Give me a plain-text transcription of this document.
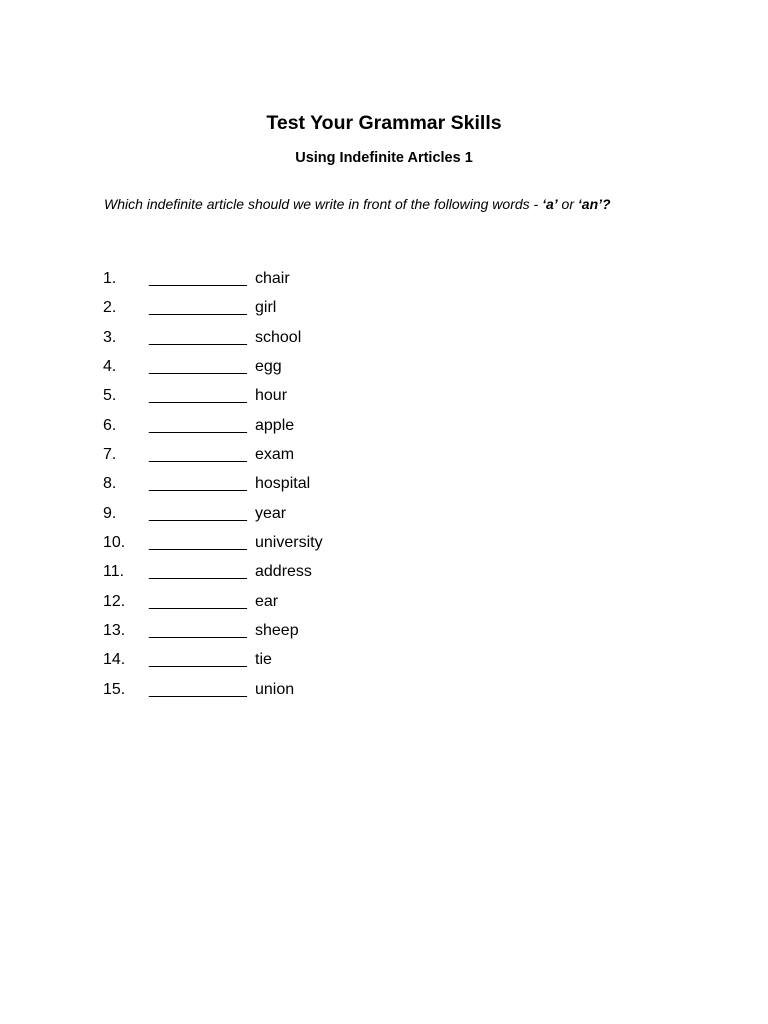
Test Your Grammar Skills
Using Indefinite Articles 1
Which indefinite article should we write in front of the following words - ‘a’ or ‘an’?
1. ___________ chair
2. ___________ girl
3. ___________ school
4. ___________ egg
5. ___________ hour
6. ___________ apple
7. ___________ exam
8. ___________ hospital
9. ___________ year
10. ___________ university
11. ___________ address
12. ___________ ear
13. ___________ sheep
14. ___________ tie
15. ___________ union
